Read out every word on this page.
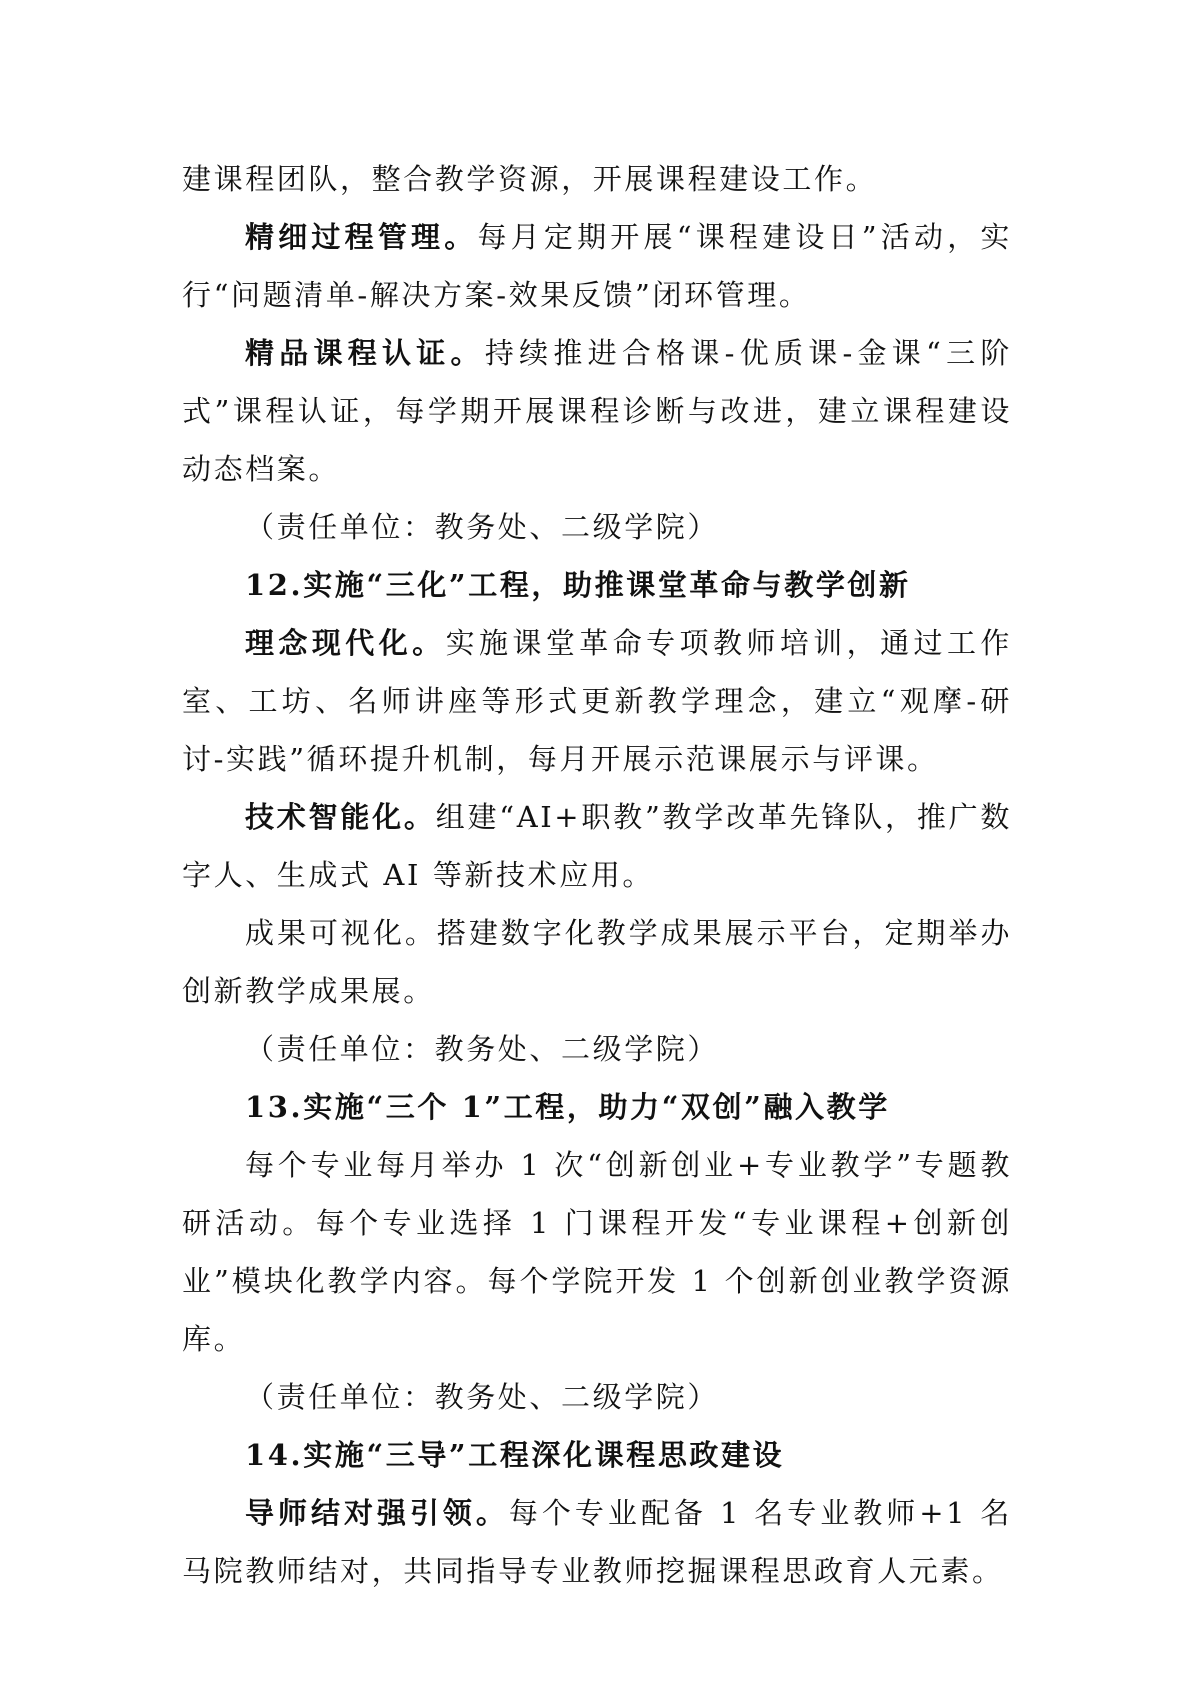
建课程团队，整合教学资源，开展课程建设工作。

精细过程管理。每月定期开展“课程建设日”活动，实行“问题清单-解决方案-效果反馈”闭环管理。

精品课程认证。持续推进合格课-优质课-金课“三阶式”课程认证，每学期开展课程诊断与改进，建立课程建设动态档案。

（责任单位：教务处、二级学院）

12.实施“三化”工程，助推课堂革命与教学创新

理念现代化。实施课堂革命专项教师培训，通过工作室、工坊、名师讲座等形式更新教学理念，建立“观摩-研讨-实践”循环提升机制，每月开展示范课展示与评课。

技术智能化。组建“AI+职教”教学改革先锋队，推广数字人、生成式 AI 等新技术应用。

成果可视化。搭建数字化教学成果展示平台，定期举办创新教学成果展。

（责任单位：教务处、二级学院）

13.实施“三个 1”工程，助力“双创”融入教学

每个专业每月举办 1 次“创新创业+专业教学”专题教研活动。每个专业选择 1 门课程开发“专业课程+创新创业”模块化教学内容。每个学院开发 1 个创新创业教学资源库。

（责任单位：教务处、二级学院）

14.实施“三导”工程深化课程思政建设

导师结对强引领。每个专业配备 1 名专业教师+1 名马院教师结对，共同指导专业教师挖掘课程思政育人元素。
